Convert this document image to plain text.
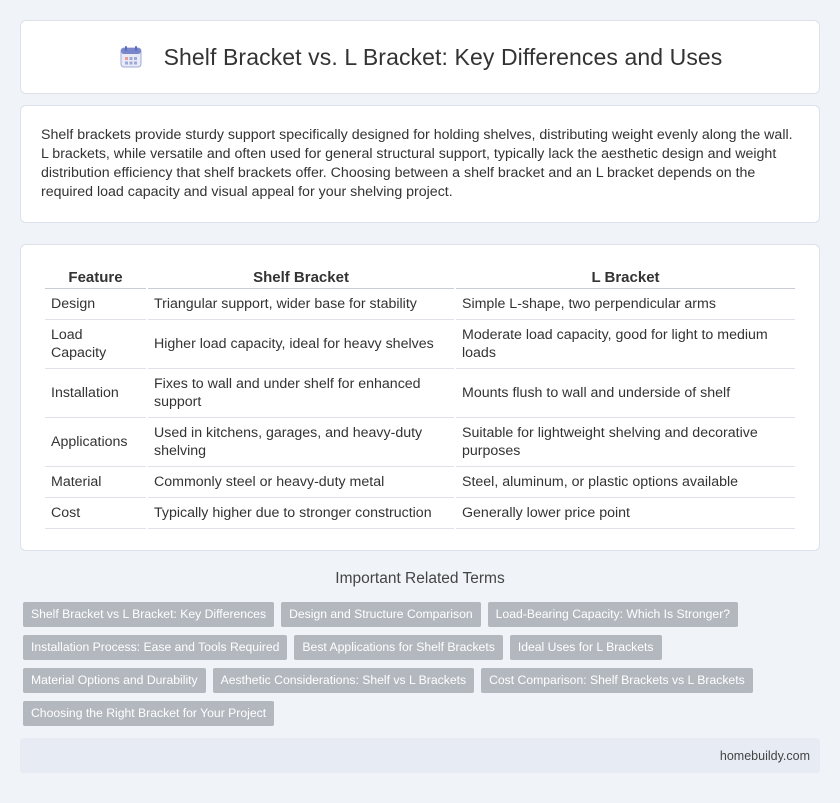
Shelf Bracket vs. L Bracket: Key Differences and Uses

Shelf brackets provide sturdy support specifically designed for holding shelves, distributing weight evenly along the wall. L brackets, while versatile and often used for general structural support, typically lack the aesthetic design and weight distribution efficiency that shelf brackets offer. Choosing between a shelf bracket and an L bracket depends on the required load capacity and visual appeal for your shelving project.

Feature	Shelf Bracket	L Bracket
Design	Triangular support, wider base for stability	Simple L-shape, two perpendicular arms
Load Capacity	Higher load capacity, ideal for heavy shelves	Moderate load capacity, good for light to medium loads
Installation	Fixes to wall and under shelf for enhanced support	Mounts flush to wall and underside of shelf
Applications	Used in kitchens, garages, and heavy-duty shelving	Suitable for lightweight shelving and decorative purposes
Material	Commonly steel or heavy-duty metal	Steel, aluminum, or plastic options available
Cost	Typically higher due to stronger construction	Generally lower price point
Important Related Terms
Shelf Bracket vs L Bracket: Key Differences	Design and Structure Comparison	Load-Bearing Capacity: Which Is Stronger?
Installation Process: Ease and Tools Required	Best Applications for Shelf Brackets	Ideal Uses for L Brackets
Material Options and Durability	Aesthetic Considerations: Shelf vs L Brackets	Cost Comparison: Shelf Brackets vs L Brackets
Choosing the Right Bracket for Your Project
homebuildy.com
